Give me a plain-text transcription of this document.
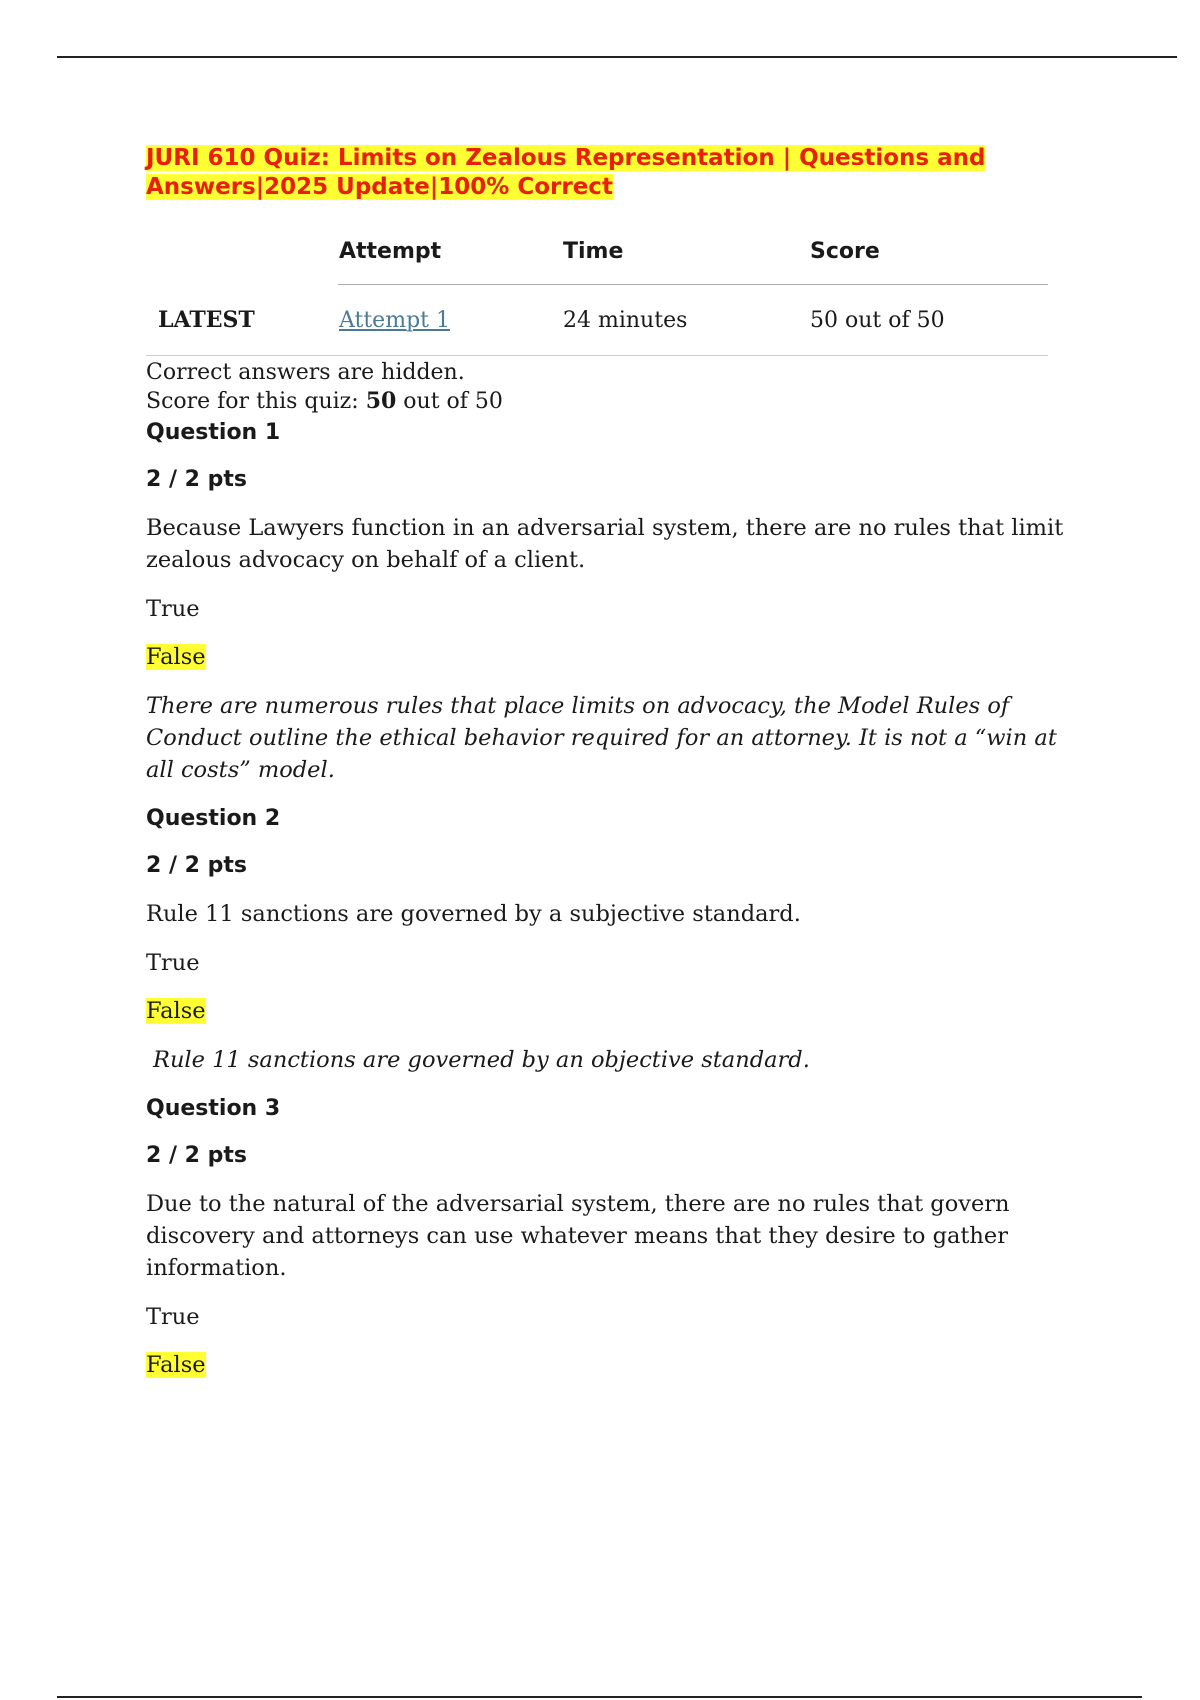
JURI 610 Quiz: Limits on Zealous Representation | Questions and Answers|2025 Update|100% Correct
	Attempt	Time	Score
LATEST	Attempt 1	24 minutes	50 out of 50
Correct answers are hidden.
Score for this quiz: 50 out of 50

Question 1

2 / 2 pts

Because Lawyers function in an adversarial system, there are no rules that limit zealous advocacy on behalf of a client.

True

False

There are numerous rules that place limits on advocacy, the Model Rules of Conduct outline the ethical behavior required for an attorney. It is not a “win at all costs” model.

Question 2

2 / 2 pts

Rule 11 sanctions are governed by a subjective standard.

True

False

Rule 11 sanctions are governed by an objective standard.

Question 3

2 / 2 pts

Due to the natural of the adversarial system, there are no rules that govern discovery and attorneys can use whatever means that they desire to gather information.

True

False
